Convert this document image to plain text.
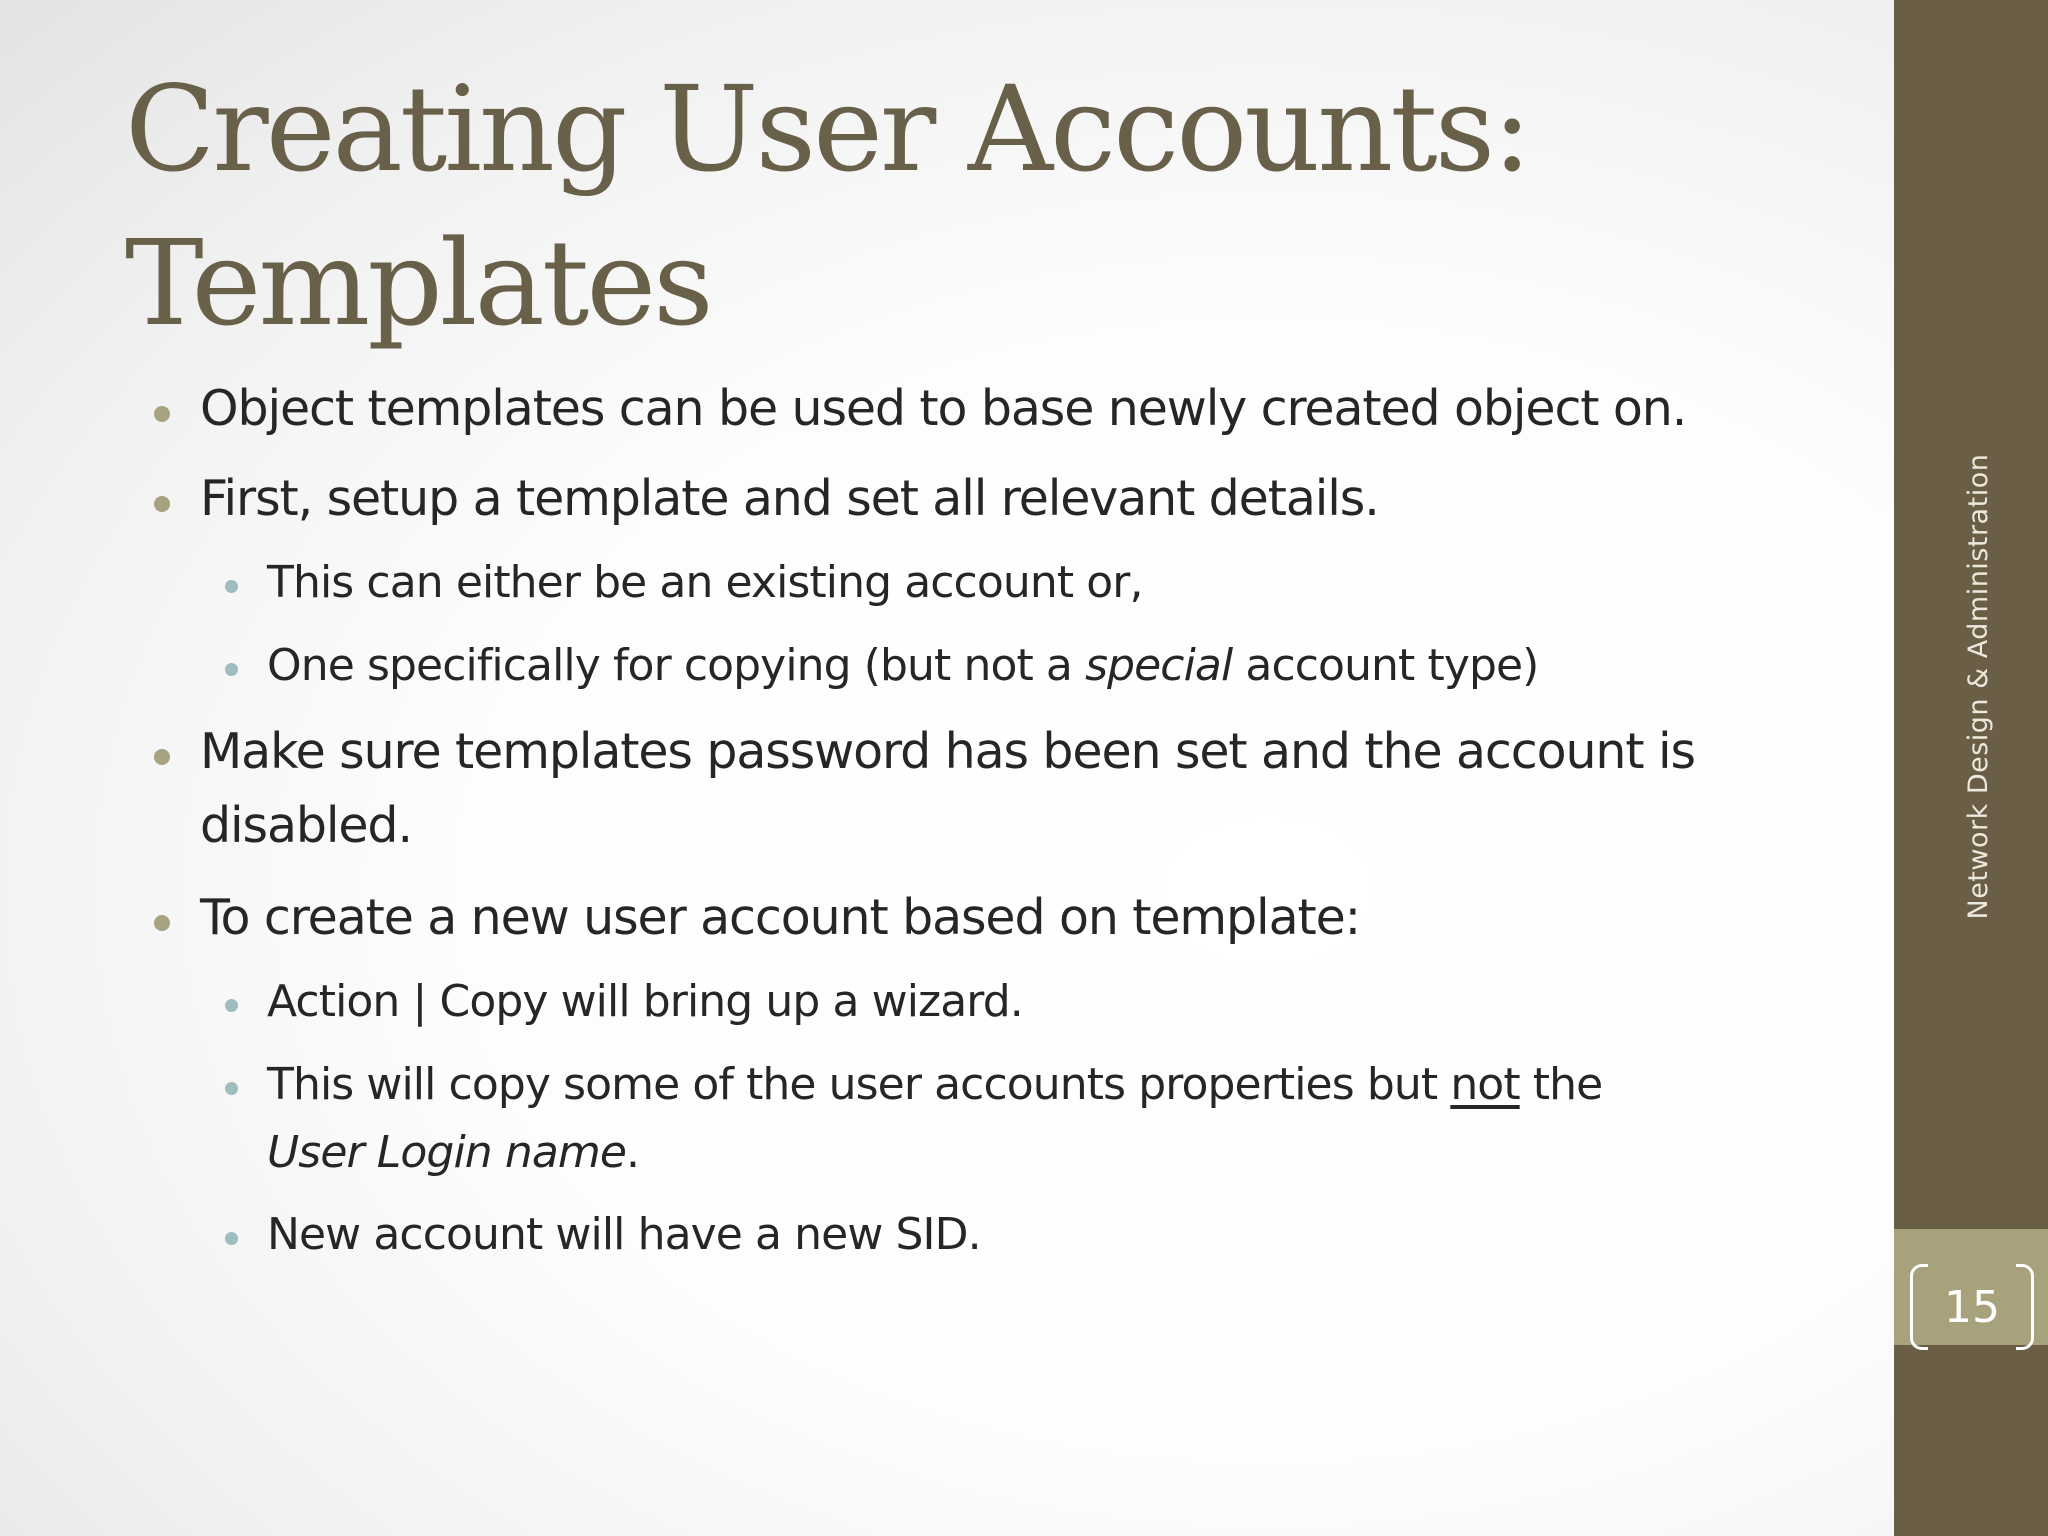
Creating User Accounts:
Templates
Object templates can be used to base newly created object on.
First, setup a template and set all relevant details.
This can either be an existing account or,
One specifically for copying (but not a special account type)
Make sure templates password has been set and the account is
disabled.
To create a new user account based on template:
Action | Copy will bring up a wizard.
This will copy some of the user accounts properties but not the
User Login name.
New account will have a new SID.
Network Design & Administration
15
